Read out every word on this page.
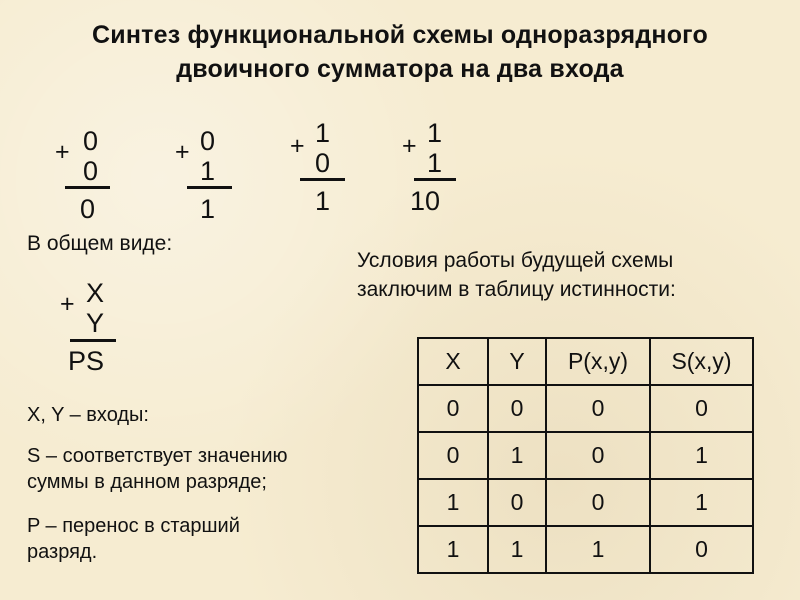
Синтез функциональной схемы одноразрядного
двоичного сумматора на два входа
+ 0
0
0
+ 0
1
1
+ 1
0
1
+ 1
1
10
В общем виде:
+ X
Y
PS
Условия работы будущей схемы
заключим в таблицу истинности:
X, Y – входы:
S – соответствует значению
суммы в данном разряде;
P – перенос в старший
разряд.
X	Y	P(x,y)	S(x,y)
0	0	0	0
0	1	0	1
1	0	0	1
1	1	1	0
